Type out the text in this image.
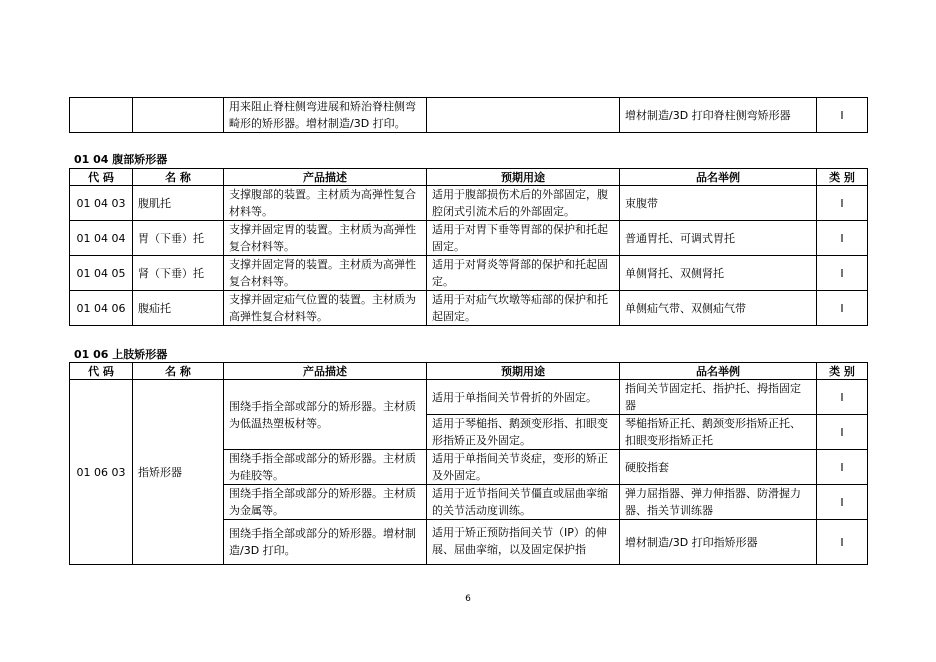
		用来阻止脊柱侧弯进展和矫治脊柱侧弯畸形的矫形器。增材制造/3D 打印。		增材制造/3D 打印脊柱侧弯矫形器	I
01 04 腹部矫形器
代 码	名 称	产品描述	预期用途	品名举例	类 别
01 04 03	腹肌托	支撑腹部的装置。主材质为高弹性复合材料等。	适用于腹部损伤术后的外部固定，腹腔闭式引流术后的外部固定。	束腹带	I
01 04 04	胃（下垂）托	支撑并固定胃的装置。主材质为高弹性复合材料等。	适用于对胃下垂等胃部的保护和托起固定。	普通胃托、可调式胃托	I
01 04 05	肾（下垂）托	支撑并固定肾的装置。主材质为高弹性复合材料等。	适用于对肾炎等肾部的保护和托起固定。	单侧肾托、双侧肾托	I
01 04 06	腹疝托	支撑并固定疝气位置的装置。主材质为高弹性复合材料等。	适用于对疝气坎墩等疝部的保护和托起固定。	单侧疝气带、双侧疝气带	I
01 06 上肢矫形器
代 码	名 称	产品描述	预期用途	品名举例	类 别
01 06 03	指矫形器	围绕手指全部或部分的矫形器。主材质为低温热塑板材等。	适用于单指间关节骨折的外固定。	指间关节固定托、指护托、拇指固定器	I
			适用于琴槌指、鹅颈变形指、扣眼变形指矫正及外固定。	琴槌指矫正托、鹅颈变形指矫正托、扣眼变形指矫正托	I
		围绕手指全部或部分的矫形器。主材质为硅胶等。	适用于单指间关节炎症，变形的矫正及外固定。	硬胶指套	I
		围绕手指全部或部分的矫形器。主材质为金属等。	适用于近节指间关节僵直或屈曲挛缩的关节活动度训练。	弹力屈指器、弹力伸指器、防滑握力器、指关节训练器	I
		围绕手指全部或部分的矫形器。增材制造/3D 打印。	适用于矫正预防指间关节（IP）的伸展、屈曲挛缩，以及固定保护指	增材制造/3D 打印指矫形器	I
6
